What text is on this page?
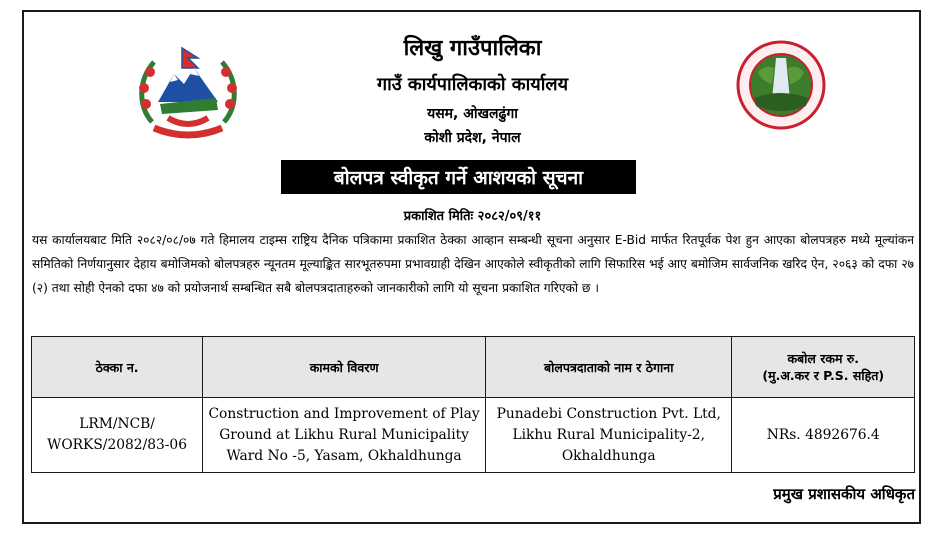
लिखु गाउँपालिका
गाउँ कार्यपालिकाको कार्यालय
यसम, ओखलढुंगा
कोशी प्रदेश, नेपाल
बोलपत्र स्वीकृत गर्ने आशयको सूचना
प्रकाशित मितिः २०८२/०९/११
यस कार्यालयबाट मिति २०८२/०८/०७ गते हिमालय टाइम्स राष्ट्रिय दैनिक पत्रिकामा प्रकाशित ठेक्का आव्हान सम्बन्धी सूचना अनुसार E-Bid मार्फत रितपूर्वक पेश हुन आएका बोलपत्रहरु मध्ये मूल्यांकन समितिको निर्णयानुसार देहाय बमोजिमको बोलपत्रहरु न्यूनतम मूल्याङ्कित सारभूतरुपमा प्रभावग्राही देखिन आएकोले स्वीकृतीको लागि सिफारिस भई आए बमोजिम सार्वजनिक खरिद ऐन, २०६३ को दफा २७ (२) तथा सोही ऐनको दफा ४७ को प्रयोजनार्थ सम्बन्धित सबै बोलपत्रदाताहरुको जानकारीको लागि यो सूचना प्रकाशित गरिएको छ ।
ठेक्का न.	कामको विवरण	बोलपत्रदाताको नाम र ठेगाना	कबोल रकम रु.
(मु.अ.कर र P.S. सहित)

LRM/NCB/
WORKS/2082/83-06	Construction and Improvement of Play Ground at Likhu Rural Municipality Ward No -5, Yasam, Okhaldhunga	Punadebi Construction Pvt. Ltd, Likhu Rural Municipality-2, Okhaldhunga	NRs. 4892676.4
प्रमुख प्रशासकीय अधिकृत
